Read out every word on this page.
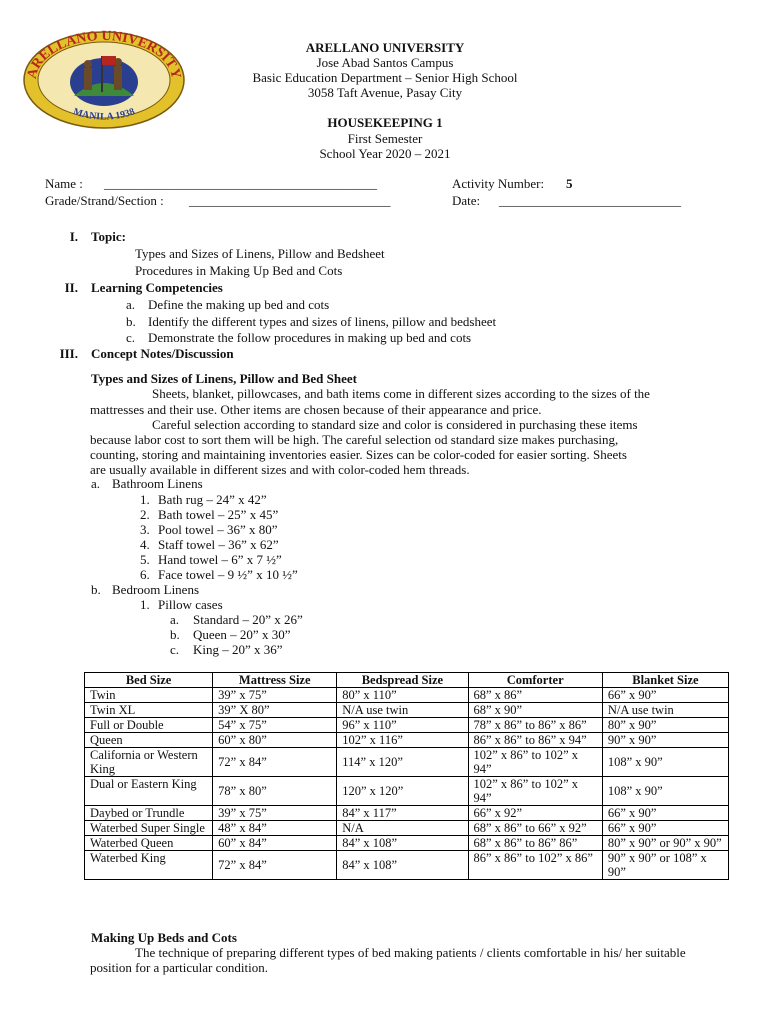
ARELLANO UNIVERSITY
MANILA 1938
ARELLANO UNIVERSITY
Jose Abad Santos Campus
Basic Education Department – Senior High School
3058 Taft Avenue, Pasay City
HOUSEKEEPING 1
First Semester
School Year 2020 – 2021
Name : __________________________________________
Grade/Strand/Section : _______________________________
Activity Number: 5
Date: ____________________________
I. Topic:
Types and Sizes of Linens, Pillow and Bedsheet
Procedures in Making Up Bed and Cots
II. Learning Competencies
a. Define the making up bed and cots
b. Identify the different types and sizes of linens, pillow and bedsheet
c. Demonstrate the follow procedures in making up bed and cots
III. Concept Notes/Discussion
Types and Sizes of Linens, Pillow and Bed Sheet
Sheets, blanket, pillowcases, and bath items come in different sizes according to the sizes of the
mattresses and their use. Other items are chosen because of their appearance and price.
Careful selection according to standard size and color is considered in purchasing these items
because labor cost to sort them will be high. The careful selection od standard size makes purchasing,
counting, storing and maintaining inventories easier. Sizes can be color-coded for easier sorting. Sheets
are usually available in different sizes and with color-coded hem threads.
a. Bathroom Linens
1. Bath rug – 24” x 42”
2. Bath towel – 25” x 45”
3. Pool towel – 36” x 80”
4. Staff towel – 36” x 62”
5. Hand towel – 6” x 7 ½”
6. Face towel – 9 ½” x 10 ½”
b. Bedroom Linens
1. Pillow cases
a. Standard – 20” x 26”
b. Queen – 20” x 30”
c. King – 20” x 36”
Bed Size	Mattress Size	Bedspread Size	Comforter	Blanket Size
Twin	39” x 75”	80” x 110”	68” x 86”	66” x 90”
Twin XL	39” X 80”	N/A use twin	68” x 90”	N/A use twin
Full or Double	54” x 75”	96” x 110”	78” x 86” to 86” x 86”	80” x 90”
Queen	60” x 80”	102” x 116”	86” x 86” to 86” x 94”	90” x 90”
California or Western King	72” x 84”	114” x 120”	102” x 86” to 102” x 94”	108” x 90”
Dual or Eastern King	78” x 80”	120” x 120”	102” x 86” to 102” x 94”	108” x 90”
Daybed or Trundle	39” x 75”	84” x 117”	66” x 92”	66” x 90”
Waterbed Super Single	48” x 84”	N/A	68” x 86” to 66” x 92”	66” x 90”
Waterbed Queen	60” x 84”	84” x 108”	68” x 86” to 86” 86”	80” x 90” or 90” x 90”
Waterbed King	72” x 84”	84” x 108”	86” x 86” to 102” x 86”	90” x 90” or 108” x 90”
Making Up Beds and Cots
The technique of preparing different types of bed making patients / clients comfortable in his/ her suitable
position for a particular condition.
